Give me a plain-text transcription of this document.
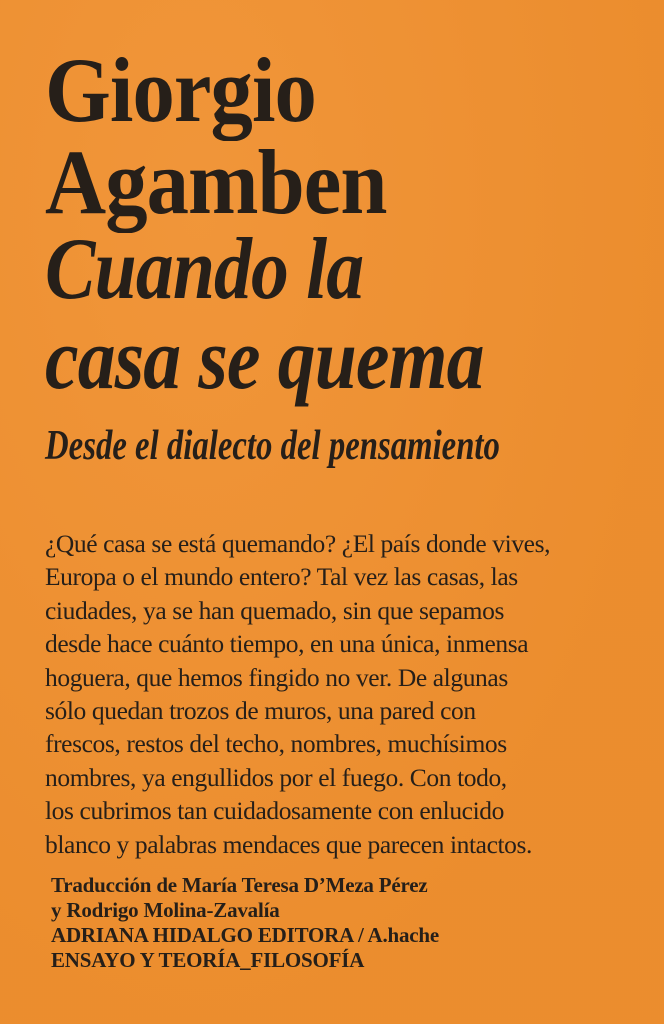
Giorgio
Agamben
Cuando la
casa se quema
Desde el dialecto del pensamiento
¿Qué casa se está quemando? ¿El país donde vives,
Europa o el mundo entero? Tal vez las casas, las
ciudades, ya se han quemado, sin que sepamos
desde hace cuánto tiempo, en una única, inmensa
hoguera, que hemos fingido no ver. De algunas
sólo quedan trozos de muros, una pared con
frescos, restos del techo, nombres, muchísimos
nombres, ya engullidos por el fuego. Con todo,
los cubrimos tan cuidadosamente con enlucido
blanco y palabras mendaces que parecen intactos.
Traducción de María Teresa D’Meza Pérez
y Rodrigo Molina-Zavalía
ADRIANA HIDALGO EDITORA / A.hache
ENSAYO Y TEORÍA_FILOSOFÍA
